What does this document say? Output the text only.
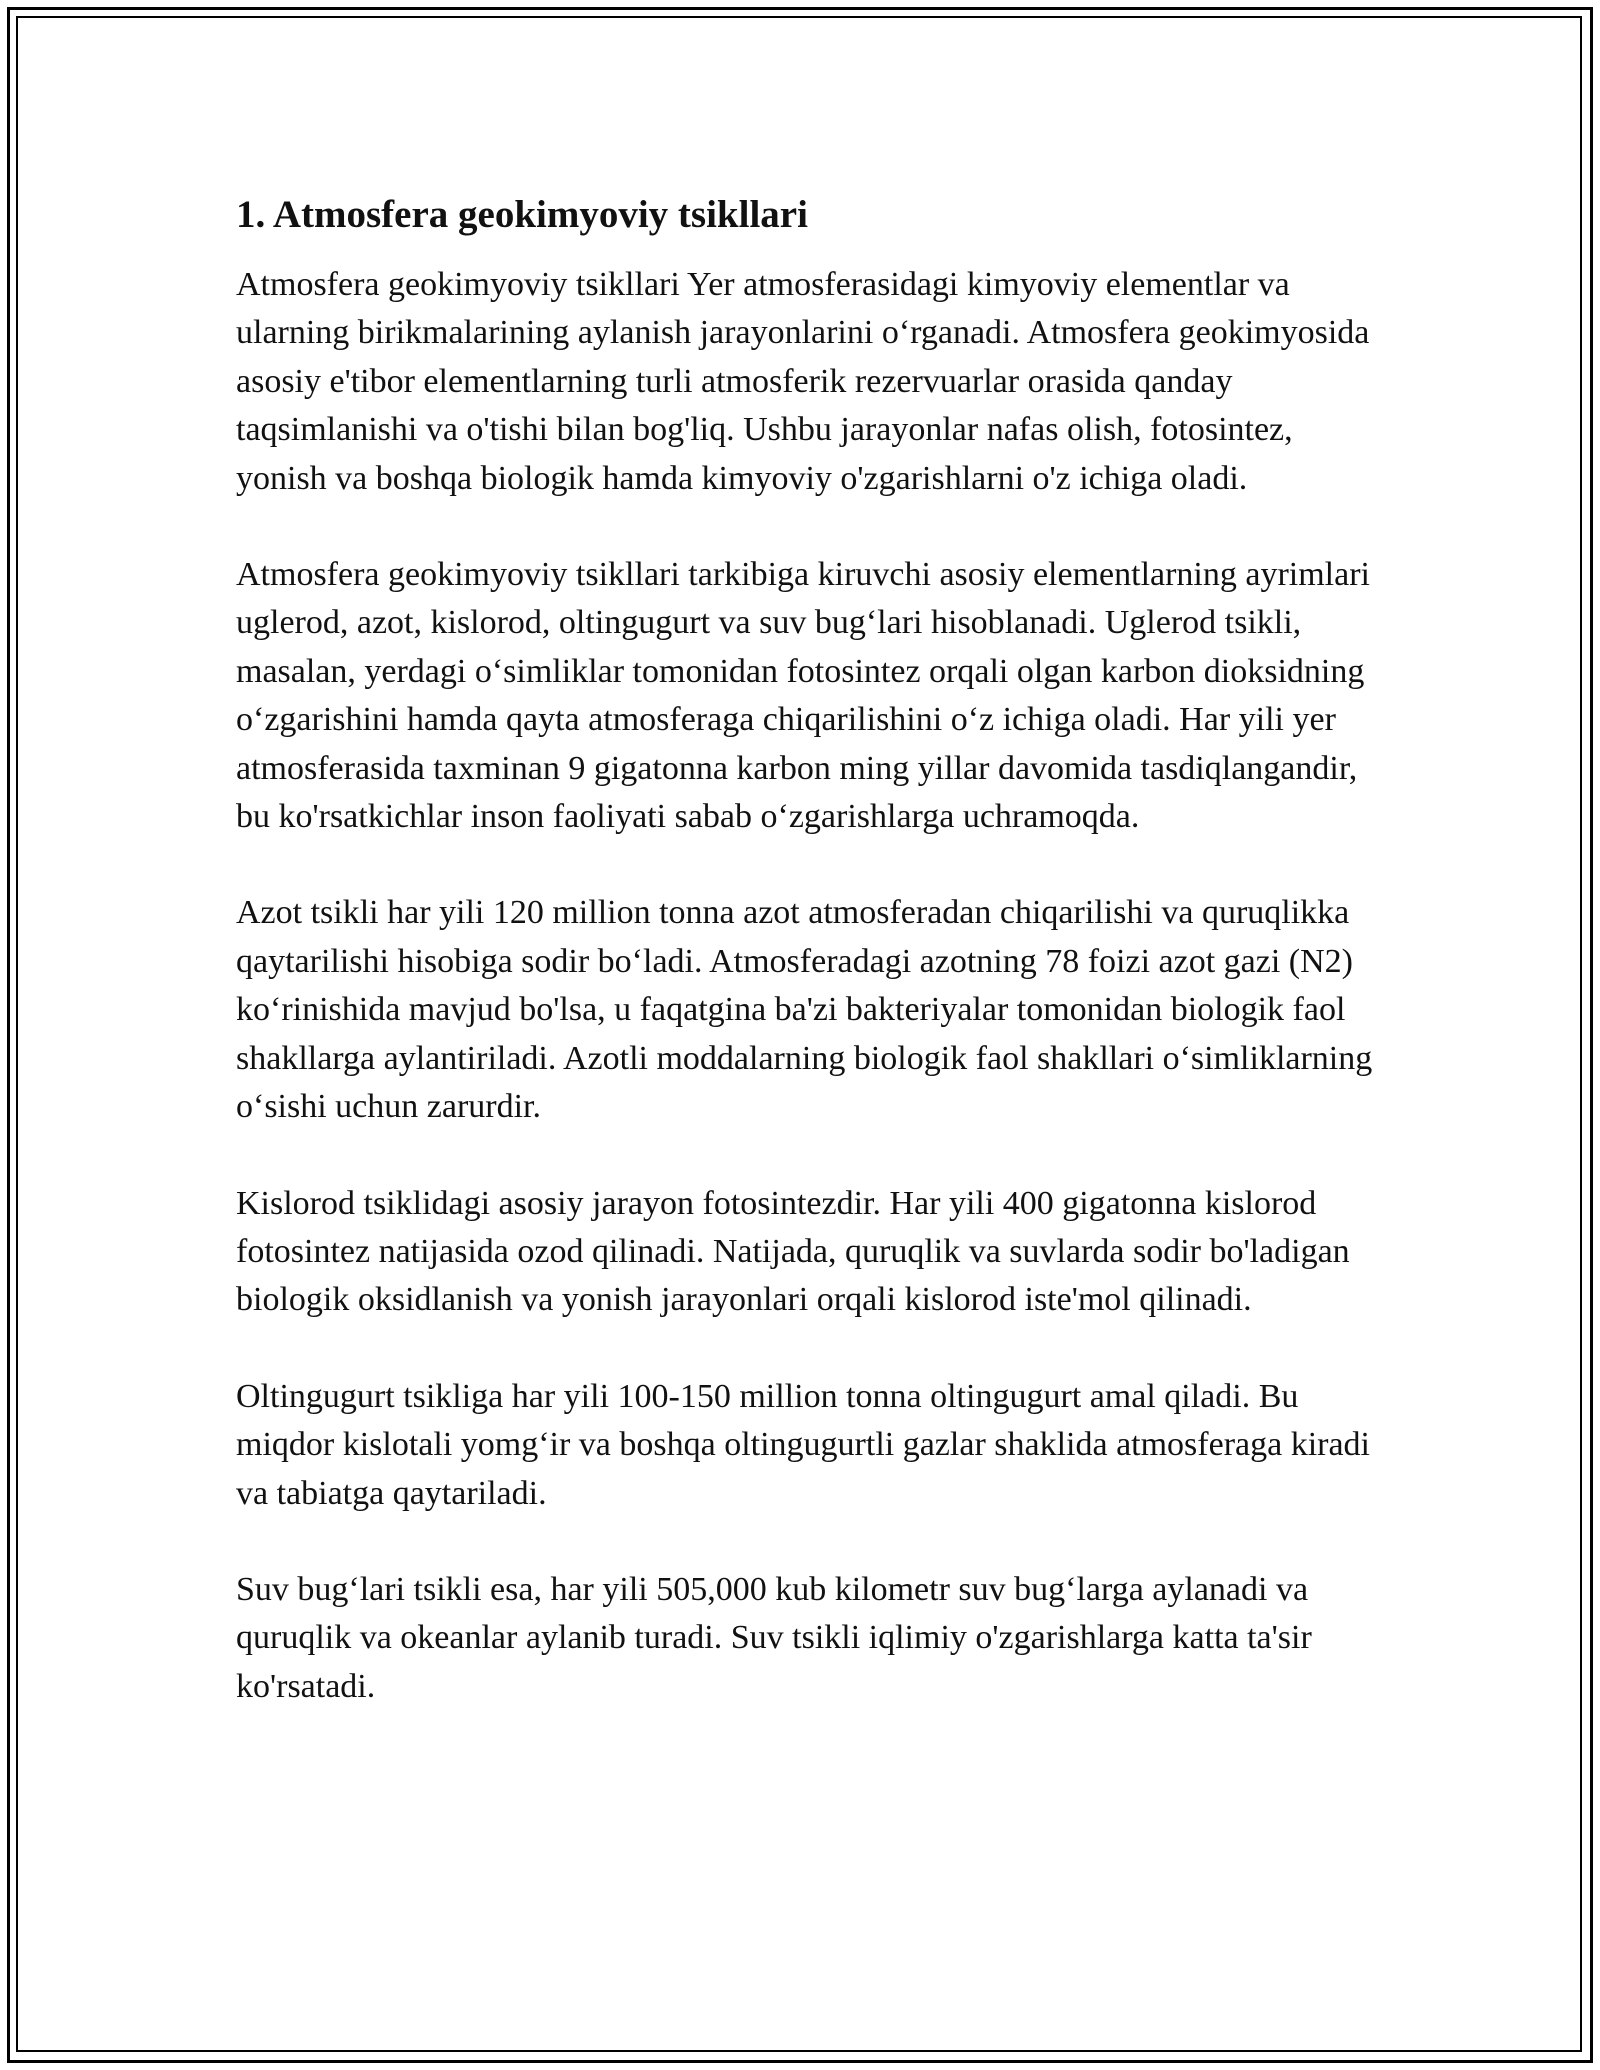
1. Atmosfera geokimyoviy tsikllari

Atmosfera geokimyoviy tsikllari Yer atmosferasidagi kimyoviy elementlar va ularning birikmalarining aylanish jarayonlarini o‘rganadi. Atmosfera geokimyosida asosiy e'tibor elementlarning turli atmosferik rezervuarlar orasida qanday taqsimlanishi va o'tishi bilan bog'liq. Ushbu jarayonlar nafas olish, fotosintez, yonish va boshqa biologik hamda kimyoviy o'zgarishlarni o'z ichiga oladi.

Atmosfera geokimyoviy tsikllari tarkibiga kiruvchi asosiy elementlarning ayrimlari uglerod, azot, kislorod, oltingugurt va suv bug‘lari hisoblanadi. Uglerod tsikli, masalan, yerdagi o‘simliklar tomonidan fotosintez orqali olgan karbon dioksidning o‘zgarishini hamda qayta atmosferaga chiqarilishini o‘z ichiga oladi. Har yili yer atmosferasida taxminan 9 gigatonna karbon ming yillar davomida tasdiqlangandir, bu ko'rsatkichlar inson faoliyati sabab o‘zgarishlarga uchramoqda.

Azot tsikli har yili 120 million tonna azot atmosferadan chiqarilishi va quruqlikka qaytarilishi hisobiga sodir bo‘ladi. Atmosferadagi azotning 78 foizi azot gazi (N2) ko‘rinishida mavjud bo'lsa, u faqatgina ba'zi bakteriyalar tomonidan biologik faol shakllarga aylantiriladi. Azotli moddalarning biologik faol shakllari o‘simliklarning o‘sishi uchun zarurdir.

Kislorod tsiklidagi asosiy jarayon fotosintezdir. Har yili 400 gigatonna kislorod fotosintez natijasida ozod qilinadi. Natijada, quruqlik va suvlarda sodir bo'ladigan biologik oksidlanish va yonish jarayonlari orqali kislorod iste'mol qilinadi.

Oltingugurt tsikliga har yili 100-150 million tonna oltingugurt amal qiladi. Bu miqdor kislotali yomg‘ir va boshqa oltingugurtli gazlar shaklida atmosferaga kiradi va tabiatga qaytariladi.

Suv bug‘lari tsikli esa, har yili 505,000 kub kilometr suv bug‘larga aylanadi va quruqlik va okeanlar aylanib turadi. Suv tsikli iqlimiy o'zgarishlarga katta ta'sir ko'rsatadi.
